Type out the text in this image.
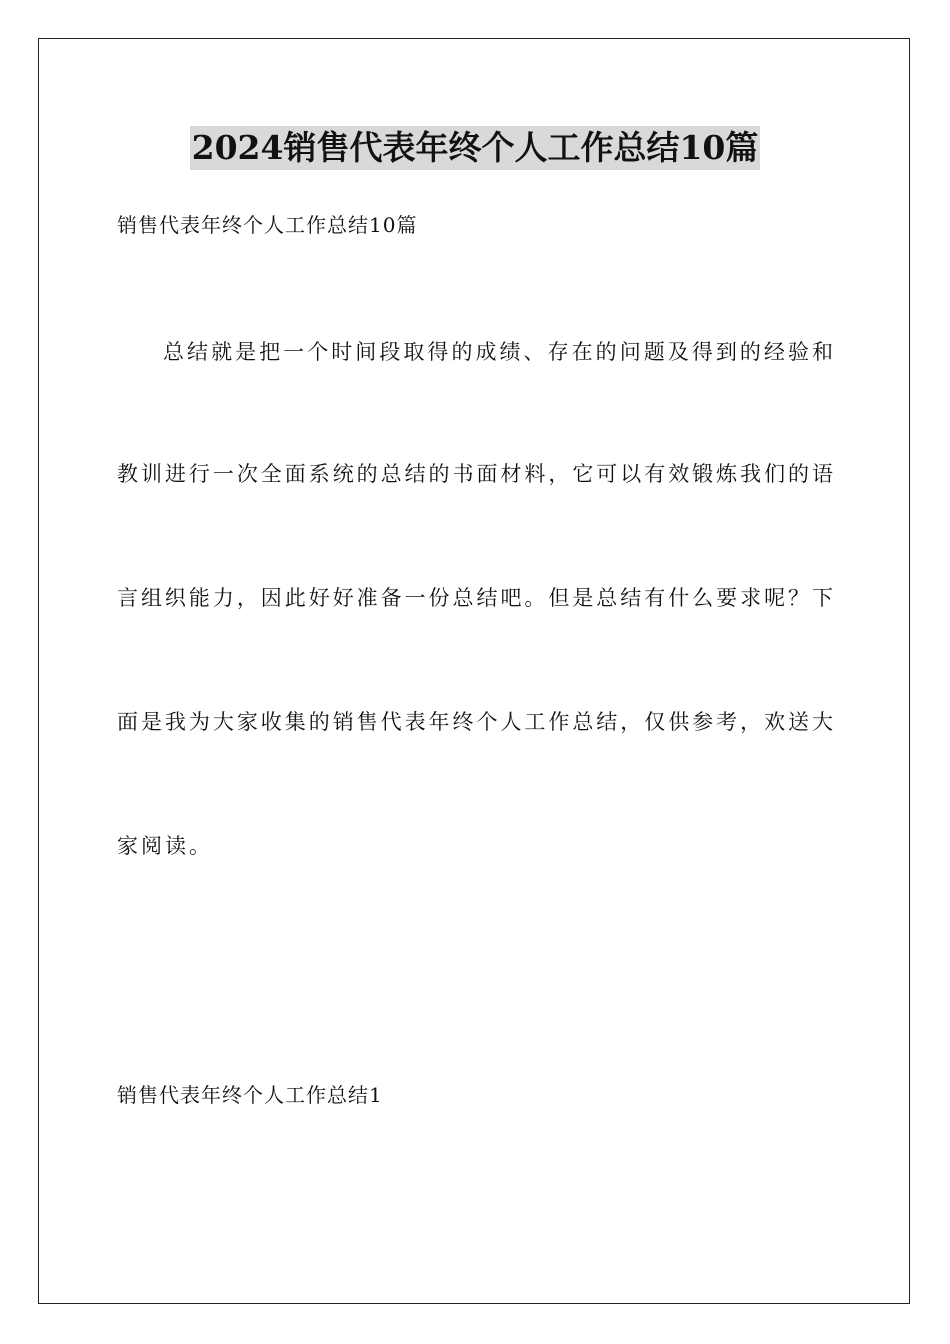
2024销售代表年终个人工作总结10篇
销售代表年终个人工作总结10篇
总结就是把一个时间段取得的成绩、存在的问题及得到的经验和
教训进行一次全面系统的总结的书面材料，它可以有效锻炼我们的语
言组织能力，因此好好准备一份总结吧。但是总结有什么要求呢？下
面是我为大家收集的销售代表年终个人工作总结，仅供参考，欢送大
家阅读。
销售代表年终个人工作总结1
